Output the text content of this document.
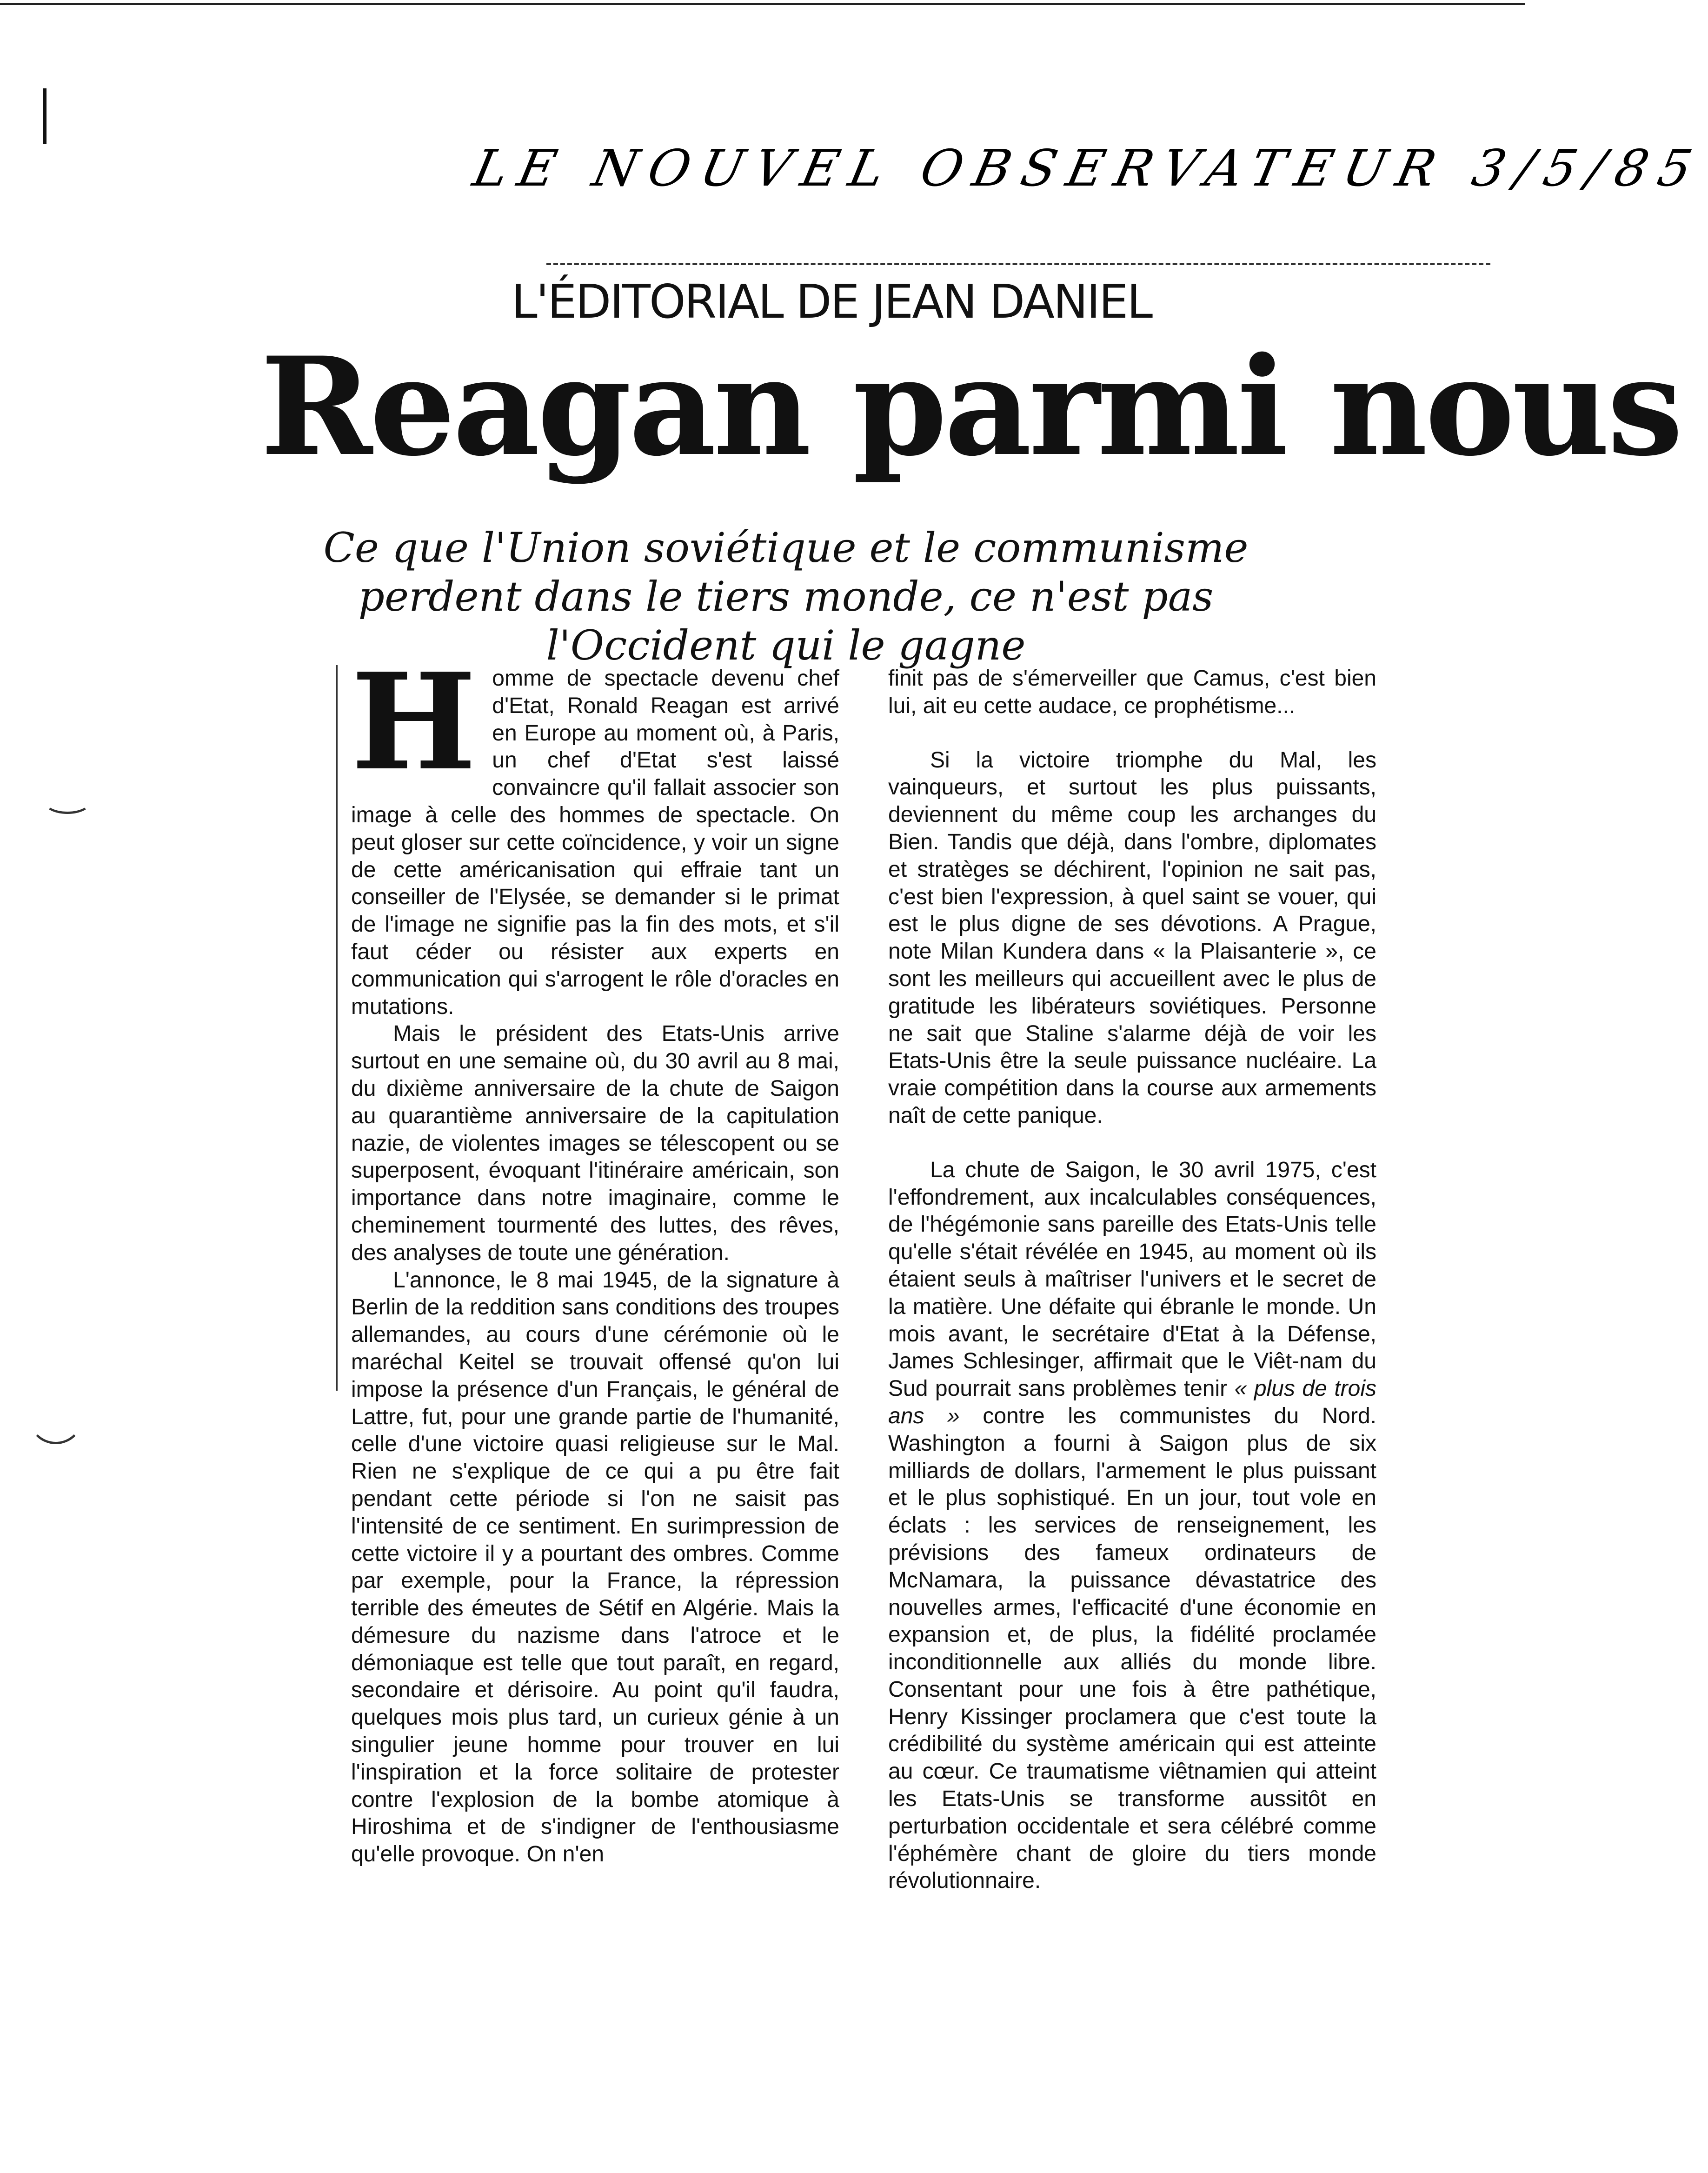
LE NOUVEL OBSERVATEUR 3/5/85
L'ÉDITORIAL DE JEAN DANIEL
Reagan parmi nous
Ce que l'Union soviétique et le communisme perdent dans le tiers monde, ce n'est pas l'Occident qui le gagne

Homme de spectacle devenu chef d'Etat, Ronald Reagan est arrivé en Europe au moment où, à Paris, un chef d'Etat s'est laissé convaincre qu'il fallait associer son image à celle des hommes de spectacle. On peut gloser sur cette coïncidence, y voir un signe de cette américanisation qui effraie tant un conseiller de l'Elysée, se demander si le primat de l'image ne signifie pas la fin des mots, et s'il faut céder ou résister aux experts en communication qui s'arrogent le rôle d'oracles en mutations.

Mais le président des Etats-Unis arrive surtout en une semaine où, du 30 avril au 8 mai, du dixième anniversaire de la chute de Saigon au quarantième anniversaire de la capitulation nazie, de violentes images se télescopent ou se superposent, évoquant l'itinéraire américain, son importance dans notre imaginaire, comme le cheminement tourmenté des luttes, des rêves, des analyses de toute une génération.

L'annonce, le 8 mai 1945, de la signature à Berlin de la reddition sans conditions des troupes allemandes, au cours d'une cérémonie où le maréchal Keitel se trouvait offensé qu'on lui impose la présence d'un Français, le général de Lattre, fut, pour une grande partie de l'humanité, celle d'une victoire quasi religieuse sur le Mal. Rien ne s'explique de ce qui a pu être fait pendant cette période si l'on ne saisit pas l'intensité de ce sentiment. En surimpression de cette victoire il y a pourtant des ombres. Comme par exemple, pour la France, la répression terrible des émeutes de Sétif en Algérie. Mais la démesure du nazisme dans l'atroce et le démoniaque est telle que tout paraît, en regard, secondaire et dérisoire. Au point qu'il faudra, quelques mois plus tard, un curieux génie à un singulier jeune homme pour trouver en lui l'inspiration et la force solitaire de protester contre l'explosion de la bombe atomique à Hiroshima et de s'indigner de l'enthousiasme qu'elle provoque. On n'en

finit pas de s'émerveiller que Camus, c'est bien lui, ait eu cette audace, ce prophétisme...

Si la victoire triomphe du Mal, les vainqueurs, et surtout les plus puissants, deviennent du même coup les archanges du Bien. Tandis que déjà, dans l'ombre, diplomates et stratèges se déchirent, l'opinion ne sait pas, c'est bien l'expression, à quel saint se vouer, qui est le plus digne de ses dévotions. A Prague, note Milan Kundera dans « la Plaisanterie », ce sont les meilleurs qui accueillent avec le plus de gratitude les libérateurs soviétiques. Personne ne sait que Staline s'alarme déjà de voir les Etats-Unis être la seule puissance nucléaire. La vraie compétition dans la course aux armements naît de cette panique.

La chute de Saigon, le 30 avril 1975, c'est l'effondrement, aux incalculables conséquences, de l'hégémonie sans pareille des Etats-Unis telle qu'elle s'était révélée en 1945, au moment où ils étaient seuls à maîtriser l'univers et le secret de la matière. Une défaite qui ébranle le monde. Un mois avant, le secrétaire d'Etat à la Défense, James Schlesinger, affirmait que le Viêt-nam du Sud pourrait sans problèmes tenir « plus de trois ans » contre les communistes du Nord. Washington a fourni à Saigon plus de six milliards de dollars, l'armement le plus puissant et le plus sophistiqué. En un jour, tout vole en éclats : les services de renseignement, les prévisions des fameux ordinateurs de McNamara, la puissance dévastatrice des nouvelles armes, l'efficacité d'une économie en expansion et, de plus, la fidélité proclamée inconditionnelle aux alliés du monde libre. Consentant pour une fois à être pathétique, Henry Kissinger proclamera que c'est toute la crédibilité du système américain qui est atteinte au cœur. Ce traumatisme viêtnamien qui atteint les Etats-Unis se transforme aussitôt en perturbation occidentale et sera célébré comme l'éphémère chant de gloire du tiers monde révolutionnaire.
